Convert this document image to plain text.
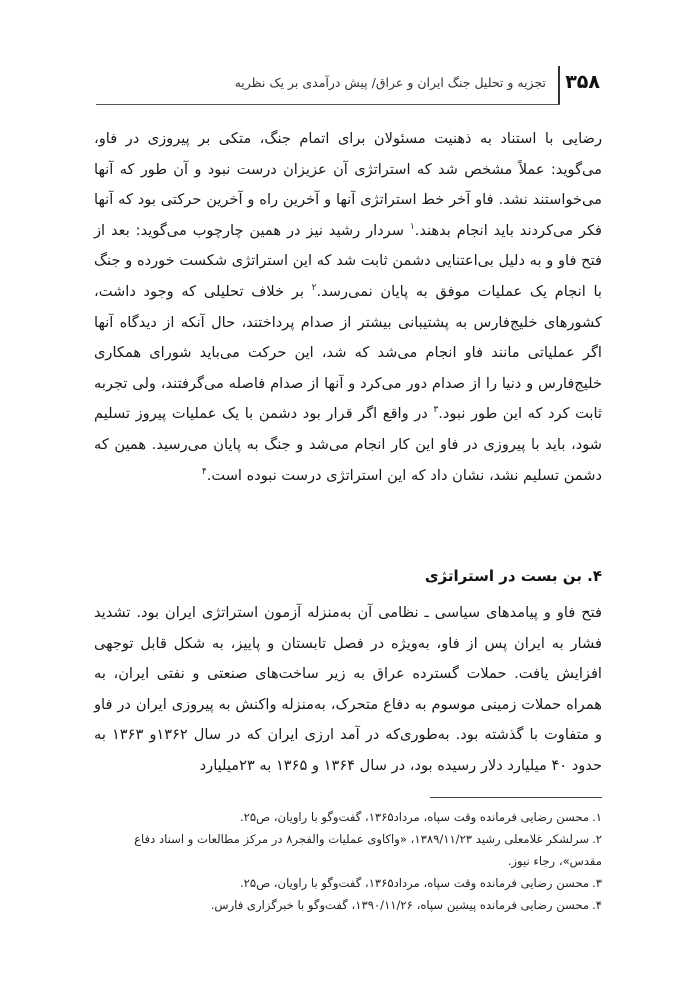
۳۵۸
تجزیه و تحلیل جنگ ایران و عراق/ پیش درآمدی بر یک نظریه

رضایی با استناد به ذهنیت مسئولان برای اتمام جنگ، متکی بر پیروزی در فاو، می‌گوید: عملاً مشخص شد که استراتژی آن عزیزان درست نبود و آن طور که آنها می‌خواستند نشد. فاو آخر خط استراتژی آنها و آخرین راه و آخرین حرکتی بود که آنها فکر می‌کردند باید انجام بدهند.$^۱$ سردار رشید نیز در همین چارچوب می‌گوید: بعد از فتح فاو و به دلیل بی‌اعتنایی دشمن ثابت شد که این استراتژی شکست خورده و جنگ با انجام یک عملیات موفق به پایان نمی‌رسد.$^۲$ بر خلاف تحلیلی که وجود داشت، کشورهای خلیج‌فارس به پشتیبانی بیشتر از صدام پرداختند، حال آنکه از دیدگاه آنها اگر عملیاتی مانند فاو انجام می‌شد که شد، این حرکت می‌باید شورای همکاری خلیج‌فارس و دنیا را از صدام دور می‌کرد و آنها از صدام فاصله می‌گرفتند، ولی تجربه ثابت کرد که این طور نبود.$^۳$ در واقع اگر قرار بود دشمن با یک عملیات پیروز تسلیم شود، باید با پیروزی در فاو این کار انجام می‌شد و جنگ به پایان می‌رسید. همین که دشمن تسلیم نشد، نشان داد که این استراتژی درست نبوده است.$^۴$

۴. بن بست در استراتژی

فتح فاو و پیامدهای سیاسی ـ نظامی آن به‌منزله آزمون استراتژی ایران بود. تشدید فشار به ایران پس از فاو، به‌ویژه در فصل تابستان و پاییز، به شکل قابل توجهی افزایش یافت. حملات گسترده عراق به زیر ساخت‌های صنعتی و نفتی ایران، به همراه حملات زمینی موسوم به دفاع متحرک، به‌منزله واکنش به پیروزی ایران در فاو و متفاوت با گذشته بود. به‌طوری‌که در آمد ارزی ایران که در سال ۱۳۶۲و ۱۳۶۳ به حدود ۴۰ میلیارد دلار رسیده بود، در سال ۱۳۶۴ و ۱۳۶۵ به ۲۳میلیارد

۱.محسن رضایی فرمانده وقت سپاه، مرداد۱۳۶۵، گفت‌وگو با راویان، ص۲۵.

۲.سرلشکر غلامعلی رشید ۱۳۸۹/۱۱/۲۳، «واکاوی عملیات والفجر۸ در مرکز مطالعات و اسناد دفاع مقدس»، رجاء نیوز.

۳.محسن رضایی فرمانده وقت سپاه، مرداد۱۳۶۵، گفت‌وگو با راویان، ص۲۵.

۴.محسن رضایی فرمانده پیشین سپاه، ۱۳۹۰/۱۱/۲۶، گفت‌وگو با خبرگزاری فارس.
